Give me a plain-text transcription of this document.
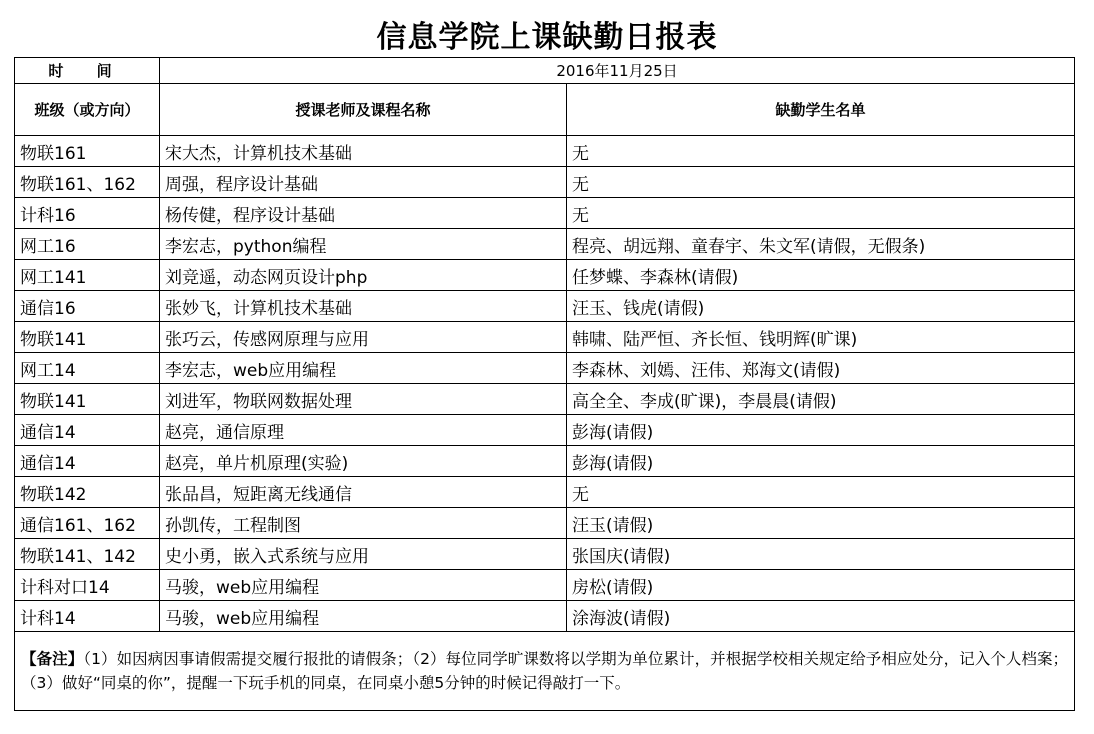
信息学院上课缺勤日报表
时 间	2016年11月25日	
班级（或方向）	授课老师及课程名称	缺勤学生名单
物联161	宋大杰，计算机技术基础	无
物联161、162	周强，程序设计基础	无
计科16	杨传健，程序设计基础	无
网工16	李宏志，python编程	程亮、胡远翔、童春宇、朱文军(请假，无假条)
网工141	刘竞遥，动态网页设计php	任梦蝶、李森林(请假)
通信16	张妙飞，计算机技术基础	汪玉、钱虎(请假)
物联141	张巧云，传感网原理与应用	韩啸、陆严恒、齐长恒、钱明辉(旷课)
网工14	李宏志，web应用编程	李森林、刘嫣、汪伟、郑海文(请假)
物联141	刘进军，物联网数据处理	高全全、李成(旷课)，李晨晨(请假)
通信14	赵亮，通信原理	彭海(请假)
通信14	赵亮，单片机原理(实验)	彭海(请假)
物联142	张品昌，短距离无线通信	无
通信161、162	孙凯传，工程制图	汪玉(请假)
物联141、142	史小勇，嵌入式系统与应用	张国庆(请假)
计科对口14	马骏，web应用编程	房松(请假)
计科14	马骏，web应用编程	涂海波(请假)
【备注】（1）如因病因事请假需提交履行报批的请假条；（2）每位同学旷课数将以学期为单位累计，并根据学校相关规定给予相应处分，记入个人档案；（3）做好“同桌的你”，提醒一下玩手机的同桌，在同桌小憩5分钟的时候记得敲打一下。		
